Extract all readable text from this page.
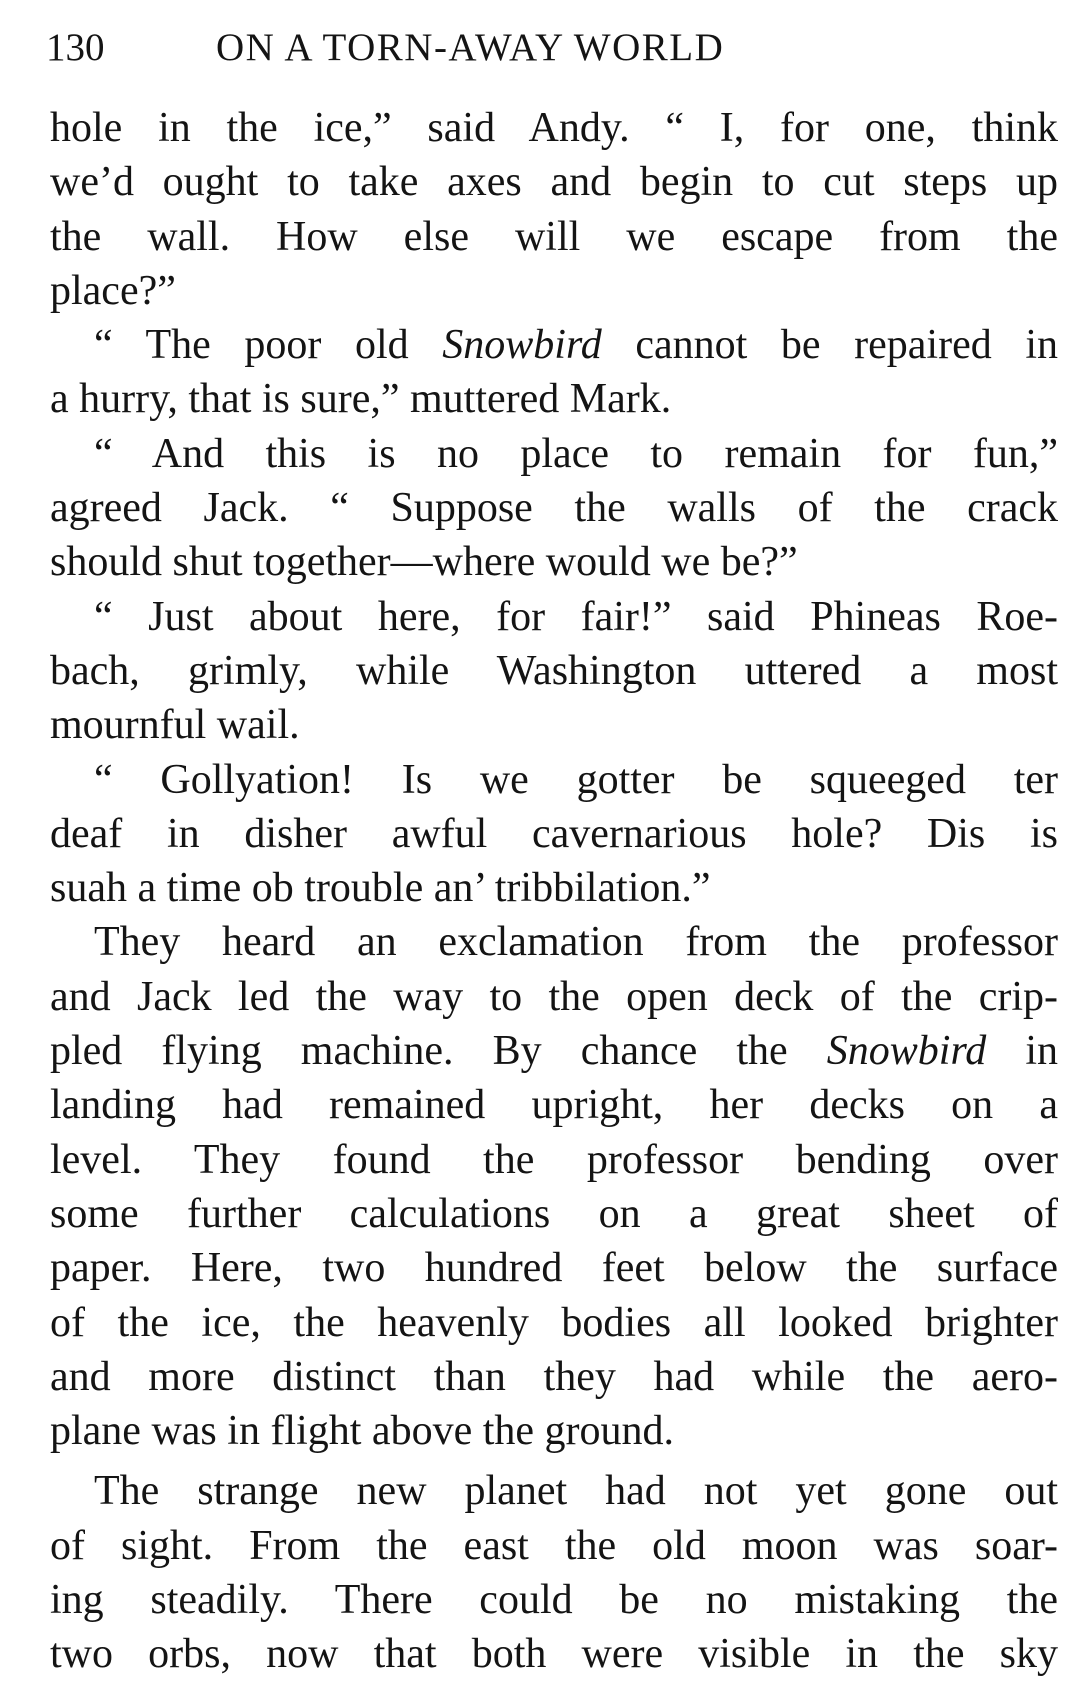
130	ON A TORN-AWAY WORLD
hole in the ice,” said Andy. “ I, for one, think
we’d ought to take axes and begin to cut steps up
the wall. How else will we escape from the
place?”
“ The poor old Snowbird cannot be repaired in
a hurry, that is sure,” muttered Mark.
“ And this is no place to remain for fun,”
agreed Jack. “ Suppose the walls of the crack
should shut together—where would we be?”
“ Just about here, for fair!” said Phineas Roe-
bach, grimly, while Washington uttered a most
mournful wail.
“ Gollyation! Is we gotter be squeeged ter
deaf in disher awful cavernarious hole? Dis is
suah a time ob trouble an’ tribbilation.”
They heard an exclamation from the professor
and Jack led the way to the open deck of the crip-
pled flying machine. By chance the Snowbird in
landing had remained upright, her decks on a
level. They found the professor bending over
some further calculations on a great sheet of
paper. Here, two hundred feet below the surface
of the ice, the heavenly bodies all looked brighter
and more distinct than they had while the aero-
plane was in flight above the ground.
The strange new planet had not yet gone out
of sight. From the east the old moon was soar-
ing steadily. There could be no mistaking the
two orbs, now that both were visible in the sky
